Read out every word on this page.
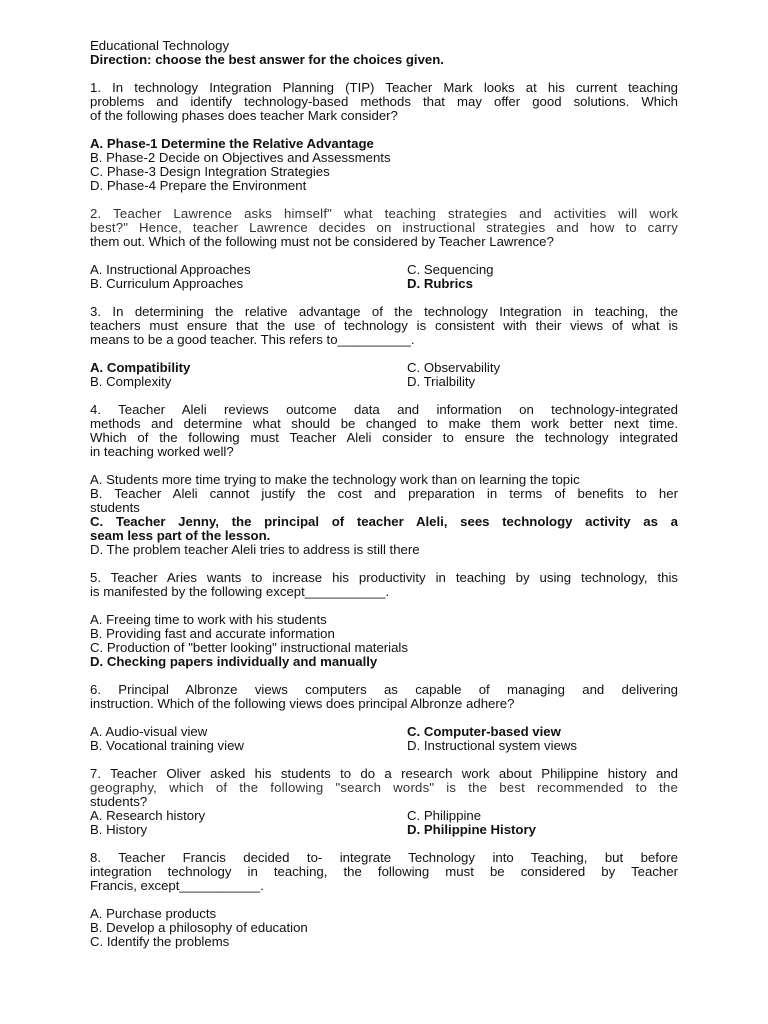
Educational Technology
Direction: choose the best answer for the choices given.
1. In technology Integration Planning (TIP) Teacher Mark looks at his current teaching
problems and identify technology-based methods that may offer good solutions. Which
of the following phases does teacher Mark consider?
A. Phase-1 Determine the Relative Advantage
B. Phase-2 Decide on Objectives and Assessments
C. Phase-3 Design Integration Strategies
D. Phase-4 Prepare the Environment
2. Teacher Lawrence asks himself" what teaching strategies and activities will work
best?" Hence, teacher Lawrence decides on instructional strategies and how to carry
them out. Which of the following must not be considered by Teacher Lawrence?
A. Instructional Approaches	C. Sequencing
B. Curriculum Approaches	D. Rubrics
3. In determining the relative advantage of the technology Integration in teaching, the
teachers must ensure that the use of technology is consistent with their views of what is
means to be a good teacher. This refers to__________.
A. Compatibility	C. Observability
B. Complexity	D. Trialbility
4. Teacher Aleli reviews outcome data and information on technology-integrated
methods and determine what should be changed to make them work better next time.
Which of the following must Teacher Aleli consider to ensure the technology integrated
in teaching worked well?
A. Students more time trying to make the technology work than on learning the topic
B. Teacher Aleli cannot justify the cost and preparation in terms of benefits to her
students
C. Teacher Jenny, the principal of teacher Aleli, sees technology activity as a
seam less part of the lesson.
D. The problem teacher Aleli tries to address is still there
5. Teacher Aries wants to increase his productivity in teaching by using technology, this
is manifested by the following except___________.
A. Freeing time to work with his students
B. Providing fast and accurate information
C. Production of "better looking" instructional materials
D. Checking papers individually and manually
6. Principal Albronze views computers as capable of managing and delivering
instruction. Which of the following views does principal Albronze adhere?
A. Audio-visual view	C. Computer-based view
B. Vocational training view	D. Instructional system views
7. Teacher Oliver asked his students to do a research work about Philippine history and
geography, which of the following "search words" is the best recommended to the
students?
A. Research history	C. Philippine
B. History	D. Philippine History
8. Teacher Francis decided to- integrate Technology into Teaching, but before
integration technology in teaching, the following must be considered by Teacher
Francis, except___________.
A. Purchase products
B. Develop a philosophy of education
C. Identify the problems
